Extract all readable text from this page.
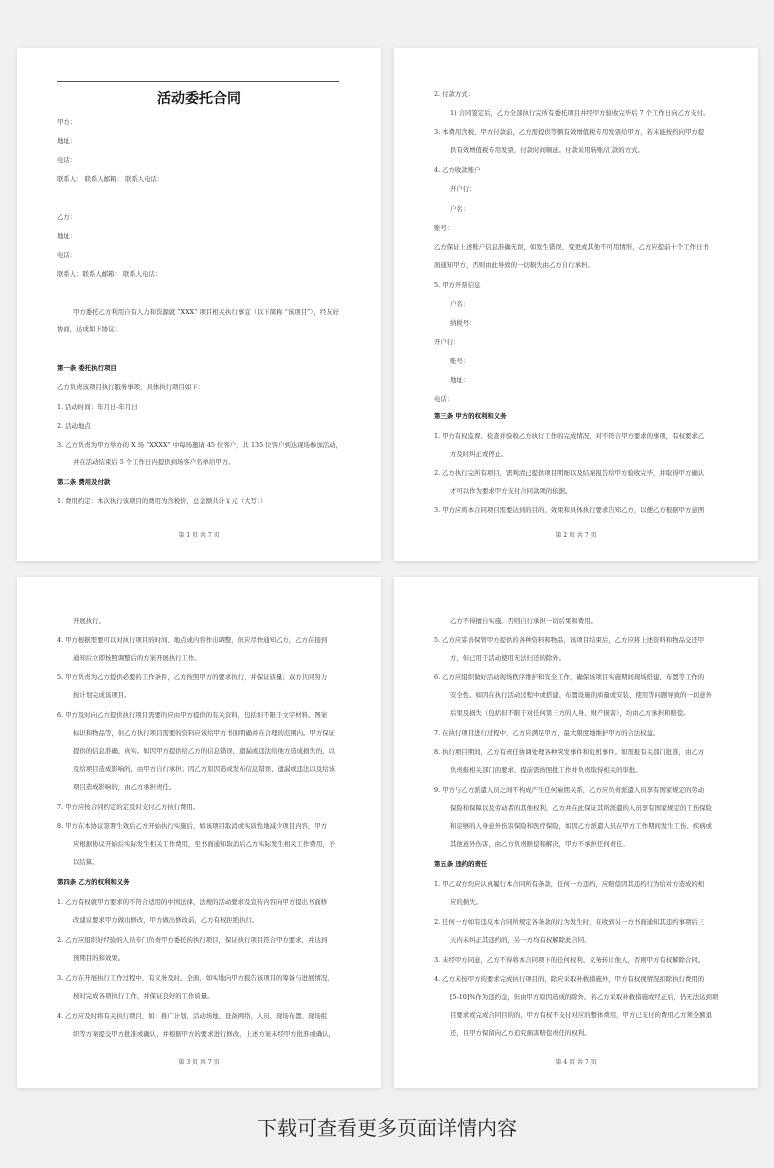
活动委托合同
甲方：
地址：
电话：
联系人： 联系人邮箱： 联系人电话：
乙方：
地址：
电话：
联系人：联系人邮箱： 联系人电话：
甲方委托乙方利用自有人力和资源就 “XXX” 项目相关执行事宜（以下简称 “该项目”），经友好
协商，达成如下协议：
第一条 委托执行项目
乙方负责该项目执行服务事项，具体执行项目如下：
1. 活动时间：年月日-年月日
2. 活动地点
3. 乙方负责为甲方举办的 X 场 “XXXX” 中每场邀请 45 位客户，共 135 位客户到达现场参加活动，
并在活动结束后 5 个工作日内提供到场客户名单给甲方。
第二条 费用及付款
1. 费用约定：本次执行该项目的费用为含税价，总金额共计￥元（大写：）
第 1 页 共 7 页
2. 付款方式：
1) 合同签定后，乙方全部执行完所有委托项目并经甲方验收完毕后 7 个工作日向乙方支付。
3. 本费用含税，甲方付款前，乙方需提供等额有效增值税专用发票给甲方，若未能按约向甲方提
供有效增值税专用发票，付款时间顺延。付款采用转账/汇款的方式。
4. 乙方收款账户
开户行：
户名：
账号：
乙方保证上述账户信息准确无误，如发生错误、变更或其他不可用情形，乙方应提前十个工作日书
面通知甲方，否则由此导致的一切损失由乙方自行承担。
5. 甲方开票信息
户名：
纳税号：
开户行：
账号：
地址：
电话：
第三条 甲方的权利和义务
1. 甲方有权监督、检查并验收乙方执行工作的完成情况，对不符合甲方要求的事项，有权要求乙
方及时纠正或停止。
2. 乙方执行完所有项目，需判清已提供项目明细以及结案报告给甲方验收完毕，并取得甲方确认
才可以作为要求甲方支付合同款项的依据。
3. 甲方应将本合同项目需要达到的目的、效果和具体执行要求告知乙方，以便乙方根据甲方意图
第 2 页 共 7 页
开展执行。
4. 甲方根据需要可以对执行项目的时间、地点或内容作出调整，但应尽快通知乙方，乙方在接到
通知后立即按照调整后的方案开展执行工作。
5. 甲方负责为乙方提供必要的工作条件，乙方按照甲方的要求执行，并保证质量；双方共同努力
按计划完成该项目。
6. 甲方及时向乙方提供执行项目需要的应由甲方提供的有关资料，包括但不限于文字材料、图案
标识和物品等，但乙方执行项目需要的资料应该给甲方书面明确并在合理的范围内。甲方保证
提供的信息准确、真实。如因甲方提供给乙方的信息错误、遗漏或违法给他方造成损失的，以
及给项目造成影响的，由甲方自行承担；因乙方原因造成发布信息错误、遗漏或违法以及给该
项目造成影响的，由乙方承担责任。
7. 甲方应按合同约定的定及时支付乙方执行费用。
8. 甲方在本协议签署生效后乙方开始执行实施后，如该项目取消或实质性地减少项目内容，甲方
应根据协议开始后实际发生相关工作费用，至书面通知取消后乙方实际发生相关工作费用，予
以结算。
第四条 乙方的权利和义务
1. 乙方有权就甲方要求的不符合适用的中国法律、法规的活动要求及宣传内容向甲方提出书面修
改建议要求甲方做出修改，甲方做出修改前，乙方有权拒绝执行。
2. 乙方应组织好经验的人员专门负责甲方委托的执行项目，保证执行项目符合甲方要求，并达到
预期目的和效果。
3. 乙方在开展执行工作过程中，有义务及时、全面、如实地向甲方报告该项目的筹备与进展情况，
按时完成各项执行工作，并保证良好的工作质量。
4. 乙方应及时将有关执行项目，如：推广计划、活动场地、设备网络、人员、现场布置、现场组
织等方案提交甲方批准或确认，并根据甲方的要求进行修改，上述方案未经甲方批准或确认，
第 3 页 共 7 页
乙方不得擅自实施。否则自行承担一切后果和费用。
5. 乙方应妥善保管甲方提供的各种资料和物品，该项目结束后，乙方应将上述资料和物品交还甲
方，但已用于活动使用无法归还的除外。
6. 乙方应组织做好活动现场秩序维护和安全工作，确保该项目实施期间现场搭建、布置等工作的
安全性。如因在执行活动过程中或搭建、布置设施的质量或安装、使用等问题导致的一切意外
后果及损失（包括但不限于对任何第三方的人身、财产损害），均由乙方承担和赔偿。
7. 在执行项目进行过程中，乙方应满足甲方，最大限度地维护甲方的合法权益。
8. 执行项目期间，乙方有责任协调处理各种突发事件和危机事件。如需报有关部门批准，由乙方
负责报相关部门的要求，提前需按照批工作并负责取得相关的审批。
9. 甲方与乙方派遣人员之间不构成产生任何雇佣关系，乙方应负责派遣人员享有国家规定的劳动
保险和保障以及劳动者的其他权利，乙方并在此保证其所派遣的人员享有国家规定的工伤保险
和足够的人身意外伤害保险和医疗保险，如因乙方派遣人员在甲方工作期间发生工伤、疾病或
其他意外伤害，由乙方负责赔偿和解决，甲方不承担任何责任。
第五条 违约的责任
1. 甲乙双方均应认真履行本合同所有条款，任何一方违约，应赔偿因其违约行为给对方造成的相
应的损失。
2. 任何一方如有违反本合同所规定各条款的行为发生时，在收到另一方书面通知其违约事项后三
天内未纠正其违约的，另一方均有权解除此合同。
3. 未经甲方同意，乙方不得将本合同项下的任何权利、义务转让他人，否则甲方有权解除合同。
4. 乙方未按甲方的要求完成执行项目的，除应采取补救措施外，甲方有权视情况扣除执行费用的
[5-10]%作为违约金，但由甲方原因造成的除外。若乙方采取补救措施或经正后，仍无法达到项
目要求或完成合同目的的，甲方有权不支付对应的整体费用，甲方已支付的费用乙方须全额退
还，且甲方保留向乙方追究损害赔偿责任的权利。
第 4 页 共 7 页
下载可查看更多页面详情内容
